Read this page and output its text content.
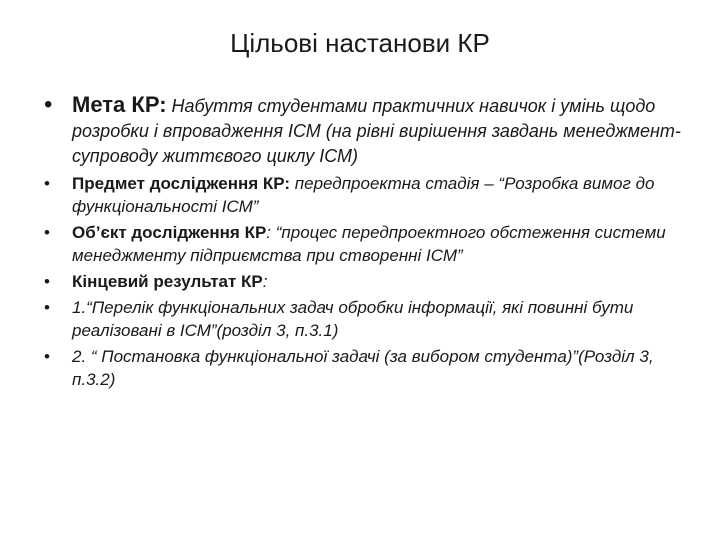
Цільові настанови КР
• Мета КР: Набуття студентами практичних навичок і умінь щодо розробки і впровадження ІСМ (на рівні вирішення завдань менеджмент-супроводу життєвого циклу ІСМ)
•	Предмет дослідження КР: передпроектна стадія – “Розробка вимог до функціональності ІСМ”
•	Об’єкт дослідження КР: “процес передпроектного обстеження системи менеджменту підприємства при створенні ІСМ”
•	Кінцевий результат КР:
•	1.“Перелік функціональних задач обробки інформації, які повинні бути реалізовані в ІСМ”(розділ 3, п.3.1)
•	2. “ Постановка функціональної задачі (за вибором студента)”(Розділ 3, п.3.2)
